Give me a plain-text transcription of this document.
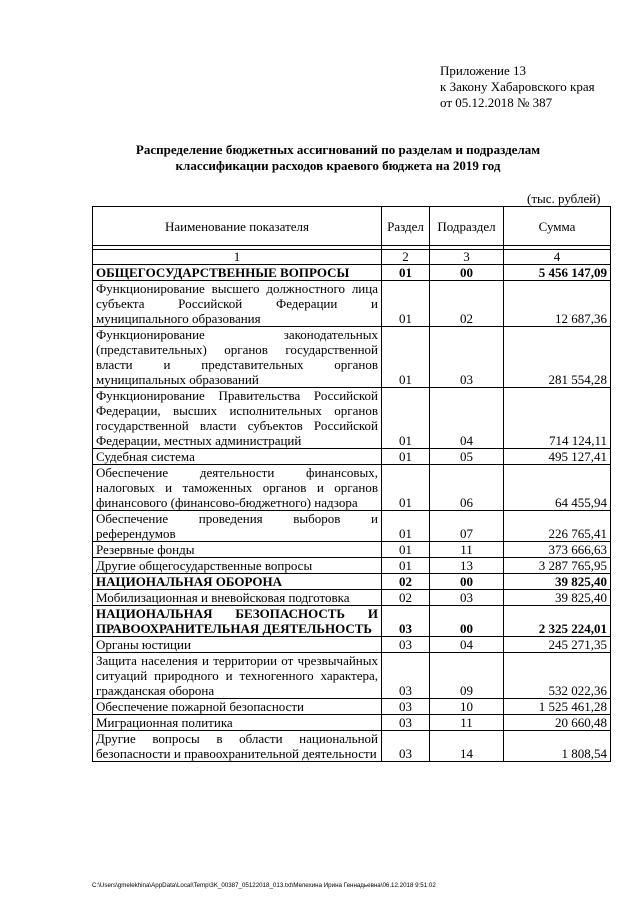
Приложение 13
к Закону Хабаровского края
от 05.12.2018 № 387
Распределение бюджетных ассигнований по разделам и подразделам
классификации расходов краевого бюджета на 2019 год
(тыс. рублей)
Наименование показателя	Раздел	Подраздел	Сумма

1	2	3	4
ОБЩЕГОСУДАРСТВЕННЫЕ ВОПРОСЫ	01	00	5 456 147,09
Функционирование высшего должностного лица субъекта Российской Федерации и муниципального образования	01	02	12 687,36
Функционирование законодательных (представительных) органов государственной власти и представительных органов муниципальных образований	01	03	281 554,28
Функционирование Правительства Российской Федерации, высших исполнительных органов государственной власти субъектов Российской Федерации, местных администраций	01	04	714 124,11
Судебная система	01	05	495 127,41
Обеспечение деятельности финансовых, налоговых и таможенных органов и органов финансового (финансово-бюджетного) надзора	01	06	64 455,94
Обеспечение проведения выборов и референдумов	01	07	226 765,41
Резервные фонды	01	11	373 666,63
Другие общегосударственные вопросы	01	13	3 287 765,95
НАЦИОНАЛЬНАЯ ОБОРОНА	02	00	39 825,40
Мобилизационная и вневойсковая подготовка	02	03	39 825,40
НАЦИОНАЛЬНАЯ БЕЗОПАСНОСТЬ И ПРАВООХРАНИТЕЛЬНАЯ ДЕЯТЕЛЬНОСТЬ	03	00	2 325 224,01
Органы юстиции	03	04	245 271,35
Защита населения и территории от чрезвычайных ситуаций природного и техногенного характера, гражданская оборона	03	09	532 022,36
Обеспечение пожарной безопасности	03	10	1 525 461,28
Миграционная политика	03	11	20 660,48
Другие вопросы в области национальной безопасности и правоохранительной деятельности	03	14	1 808,54
C:\Users\gmelekhina\AppData\Local\Temp\3K_00387_05122018_013.txt\Мелехина Ирина Геннадьевна\06.12.2018 9:51:02
